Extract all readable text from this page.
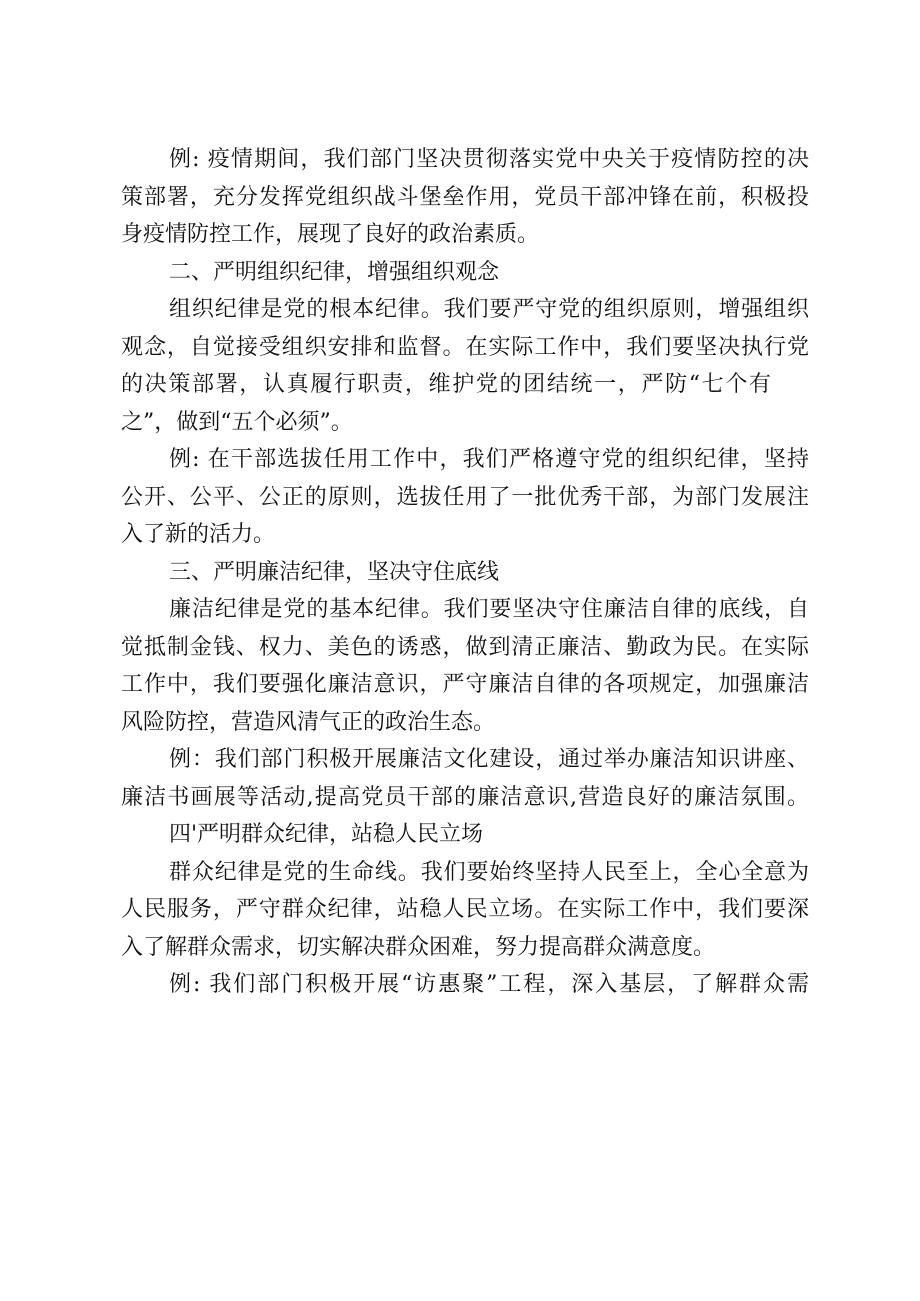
例: 疫情期间，我们部门坚决贯彻落实党中央关于疫情防控的决
策部署，充分发挥党组织战斗堡垒作用，党员干部冲锋在前，积极投
身疫情防控工作，展现了良好的政治素质。
二、严明组织纪律，增强组织观念
组织纪律是党的根本纪律。我们要严守党的组织原则，增强组织
观念，自觉接受组织安排和监督。在实际工作中，我们要坚决执行党
的决策部署，认真履行职责，维护党的团结统一，严防“七个有
之”，做到“五个必须”。
例: 在干部选拔任用工作中，我们严格遵守党的组织纪律，坚持
公开、公平、公正的原则，选拔任用了一批优秀干部，为部门发展注
入了新的活力。
三、严明廉洁纪律，坚决守住底线
廉洁纪律是党的基本纪律。我们要坚决守住廉洁自律的底线，自
觉抵制金钱、权力、美色的诱惑，做到清正廉洁、勤政为民。在实际
工作中，我们要强化廉洁意识，严守廉洁自律的各项规定，加强廉洁
风险防控，营造风清气正的政治生态。
例：我们部门积极开展廉洁文化建设，通过举办廉洁知识讲座、
廉洁书画展等活动,提高党员干部的廉洁意识,营造良好的廉洁氛围。
四'严明群众纪律，站稳人民立场
群众纪律是党的生命线。我们要始终坚持人民至上，全心全意为
人民服务，严守群众纪律，站稳人民立场。在实际工作中，我们要深
入了解群众需求，切实解决群众困难，努力提高群众满意度。
例: 我们部门积极开展“访惠聚”工程，深入基层，了解群众需
